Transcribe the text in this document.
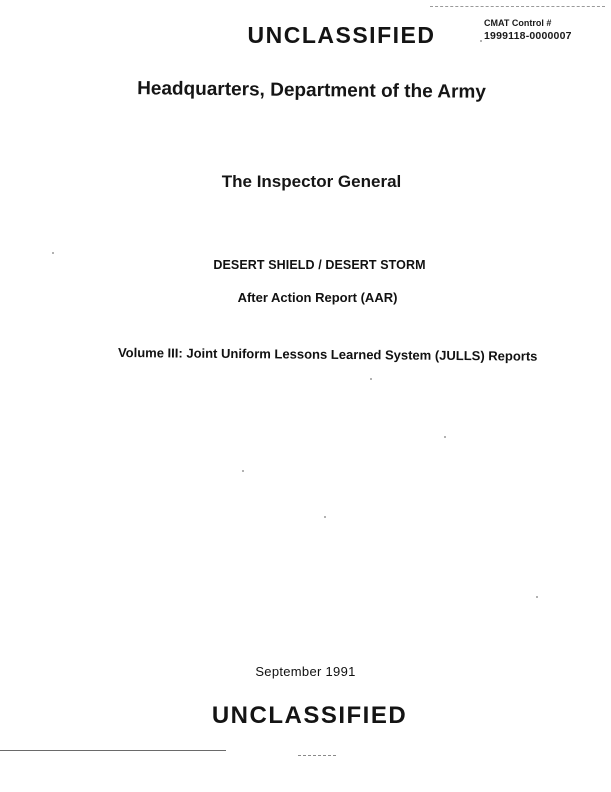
UNCLASSIFIED	CMAT Control #
1999118-0000007
Headquarters, Department of the Army
The Inspector General
DESERT SHIELD / DESERT STORM
After Action Report (AAR)
Volume III: Joint Uniform Lessons Learned System (JULLS) Reports
September 1991
UNCLASSIFIED
